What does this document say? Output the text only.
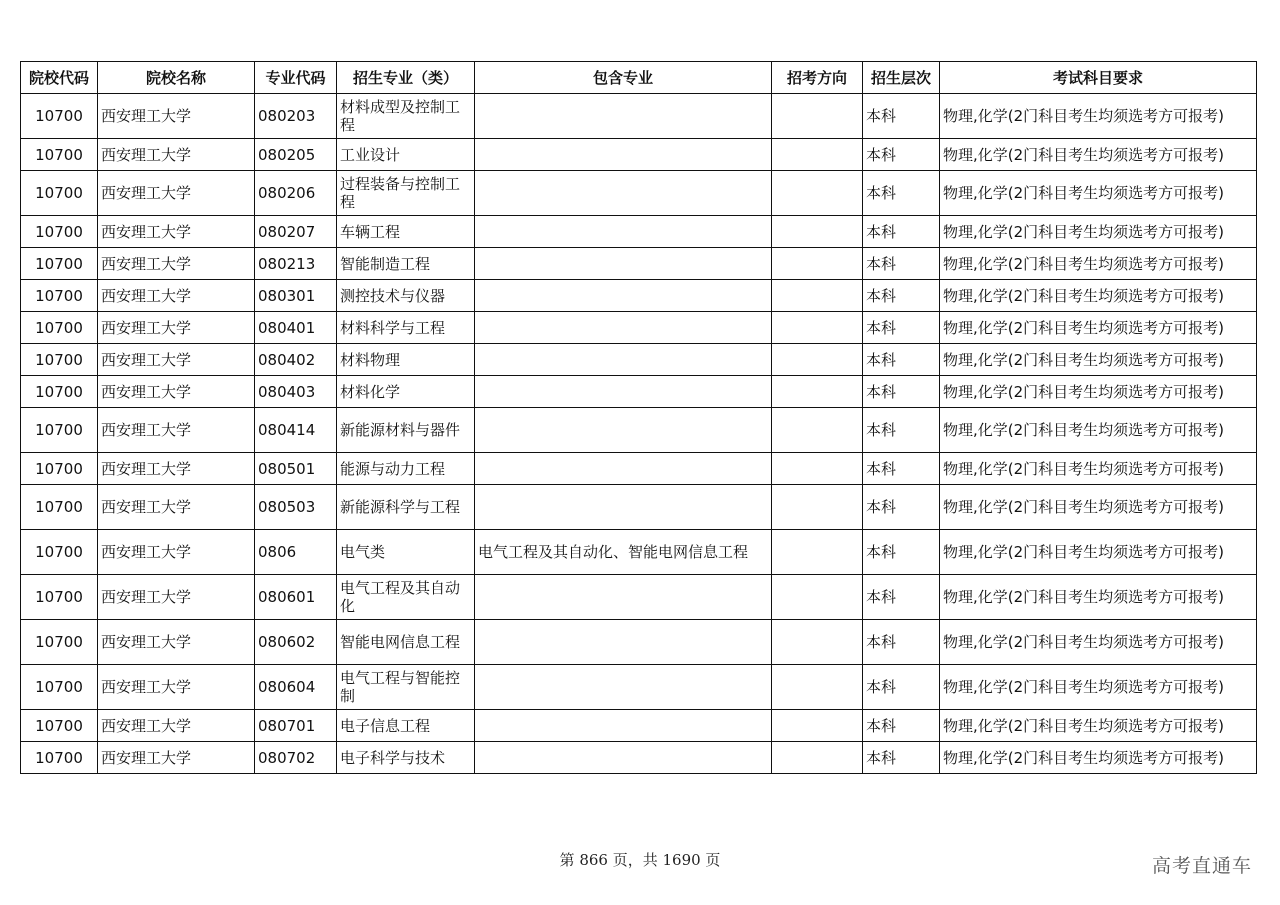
院校代码	院校名称	专业代码	招生专业（类）	包含专业	招考方向	招生层次	考试科目要求
10700	西安理工大学	080203	材料成型及控制工程			本科	物理,化学(2门科目考生均须选考方可报考)
10700	西安理工大学	080205	工业设计			本科	物理,化学(2门科目考生均须选考方可报考)
10700	西安理工大学	080206	过程装备与控制工程			本科	物理,化学(2门科目考生均须选考方可报考)
10700	西安理工大学	080207	车辆工程			本科	物理,化学(2门科目考生均须选考方可报考)
10700	西安理工大学	080213	智能制造工程			本科	物理,化学(2门科目考生均须选考方可报考)
10700	西安理工大学	080301	测控技术与仪器			本科	物理,化学(2门科目考生均须选考方可报考)
10700	西安理工大学	080401	材料科学与工程			本科	物理,化学(2门科目考生均须选考方可报考)
10700	西安理工大学	080402	材料物理			本科	物理,化学(2门科目考生均须选考方可报考)
10700	西安理工大学	080403	材料化学			本科	物理,化学(2门科目考生均须选考方可报考)
10700	西安理工大学	080414	新能源材料与器件			本科	物理,化学(2门科目考生均须选考方可报考)
10700	西安理工大学	080501	能源与动力工程			本科	物理,化学(2门科目考生均须选考方可报考)
10700	西安理工大学	080503	新能源科学与工程			本科	物理,化学(2门科目考生均须选考方可报考)
10700	西安理工大学	0806	电气类	电气工程及其自动化、智能电网信息工程		本科	物理,化学(2门科目考生均须选考方可报考)
10700	西安理工大学	080601	电气工程及其自动化			本科	物理,化学(2门科目考生均须选考方可报考)
10700	西安理工大学	080602	智能电网信息工程			本科	物理,化学(2门科目考生均须选考方可报考)
10700	西安理工大学	080604	电气工程与智能控制			本科	物理,化学(2门科目考生均须选考方可报考)
10700	西安理工大学	080701	电子信息工程			本科	物理,化学(2门科目考生均须选考方可报考)
10700	西安理工大学	080702	电子科学与技术			本科	物理,化学(2门科目考生均须选考方可报考)
第 866 页，共 1690 页	高考直通车
